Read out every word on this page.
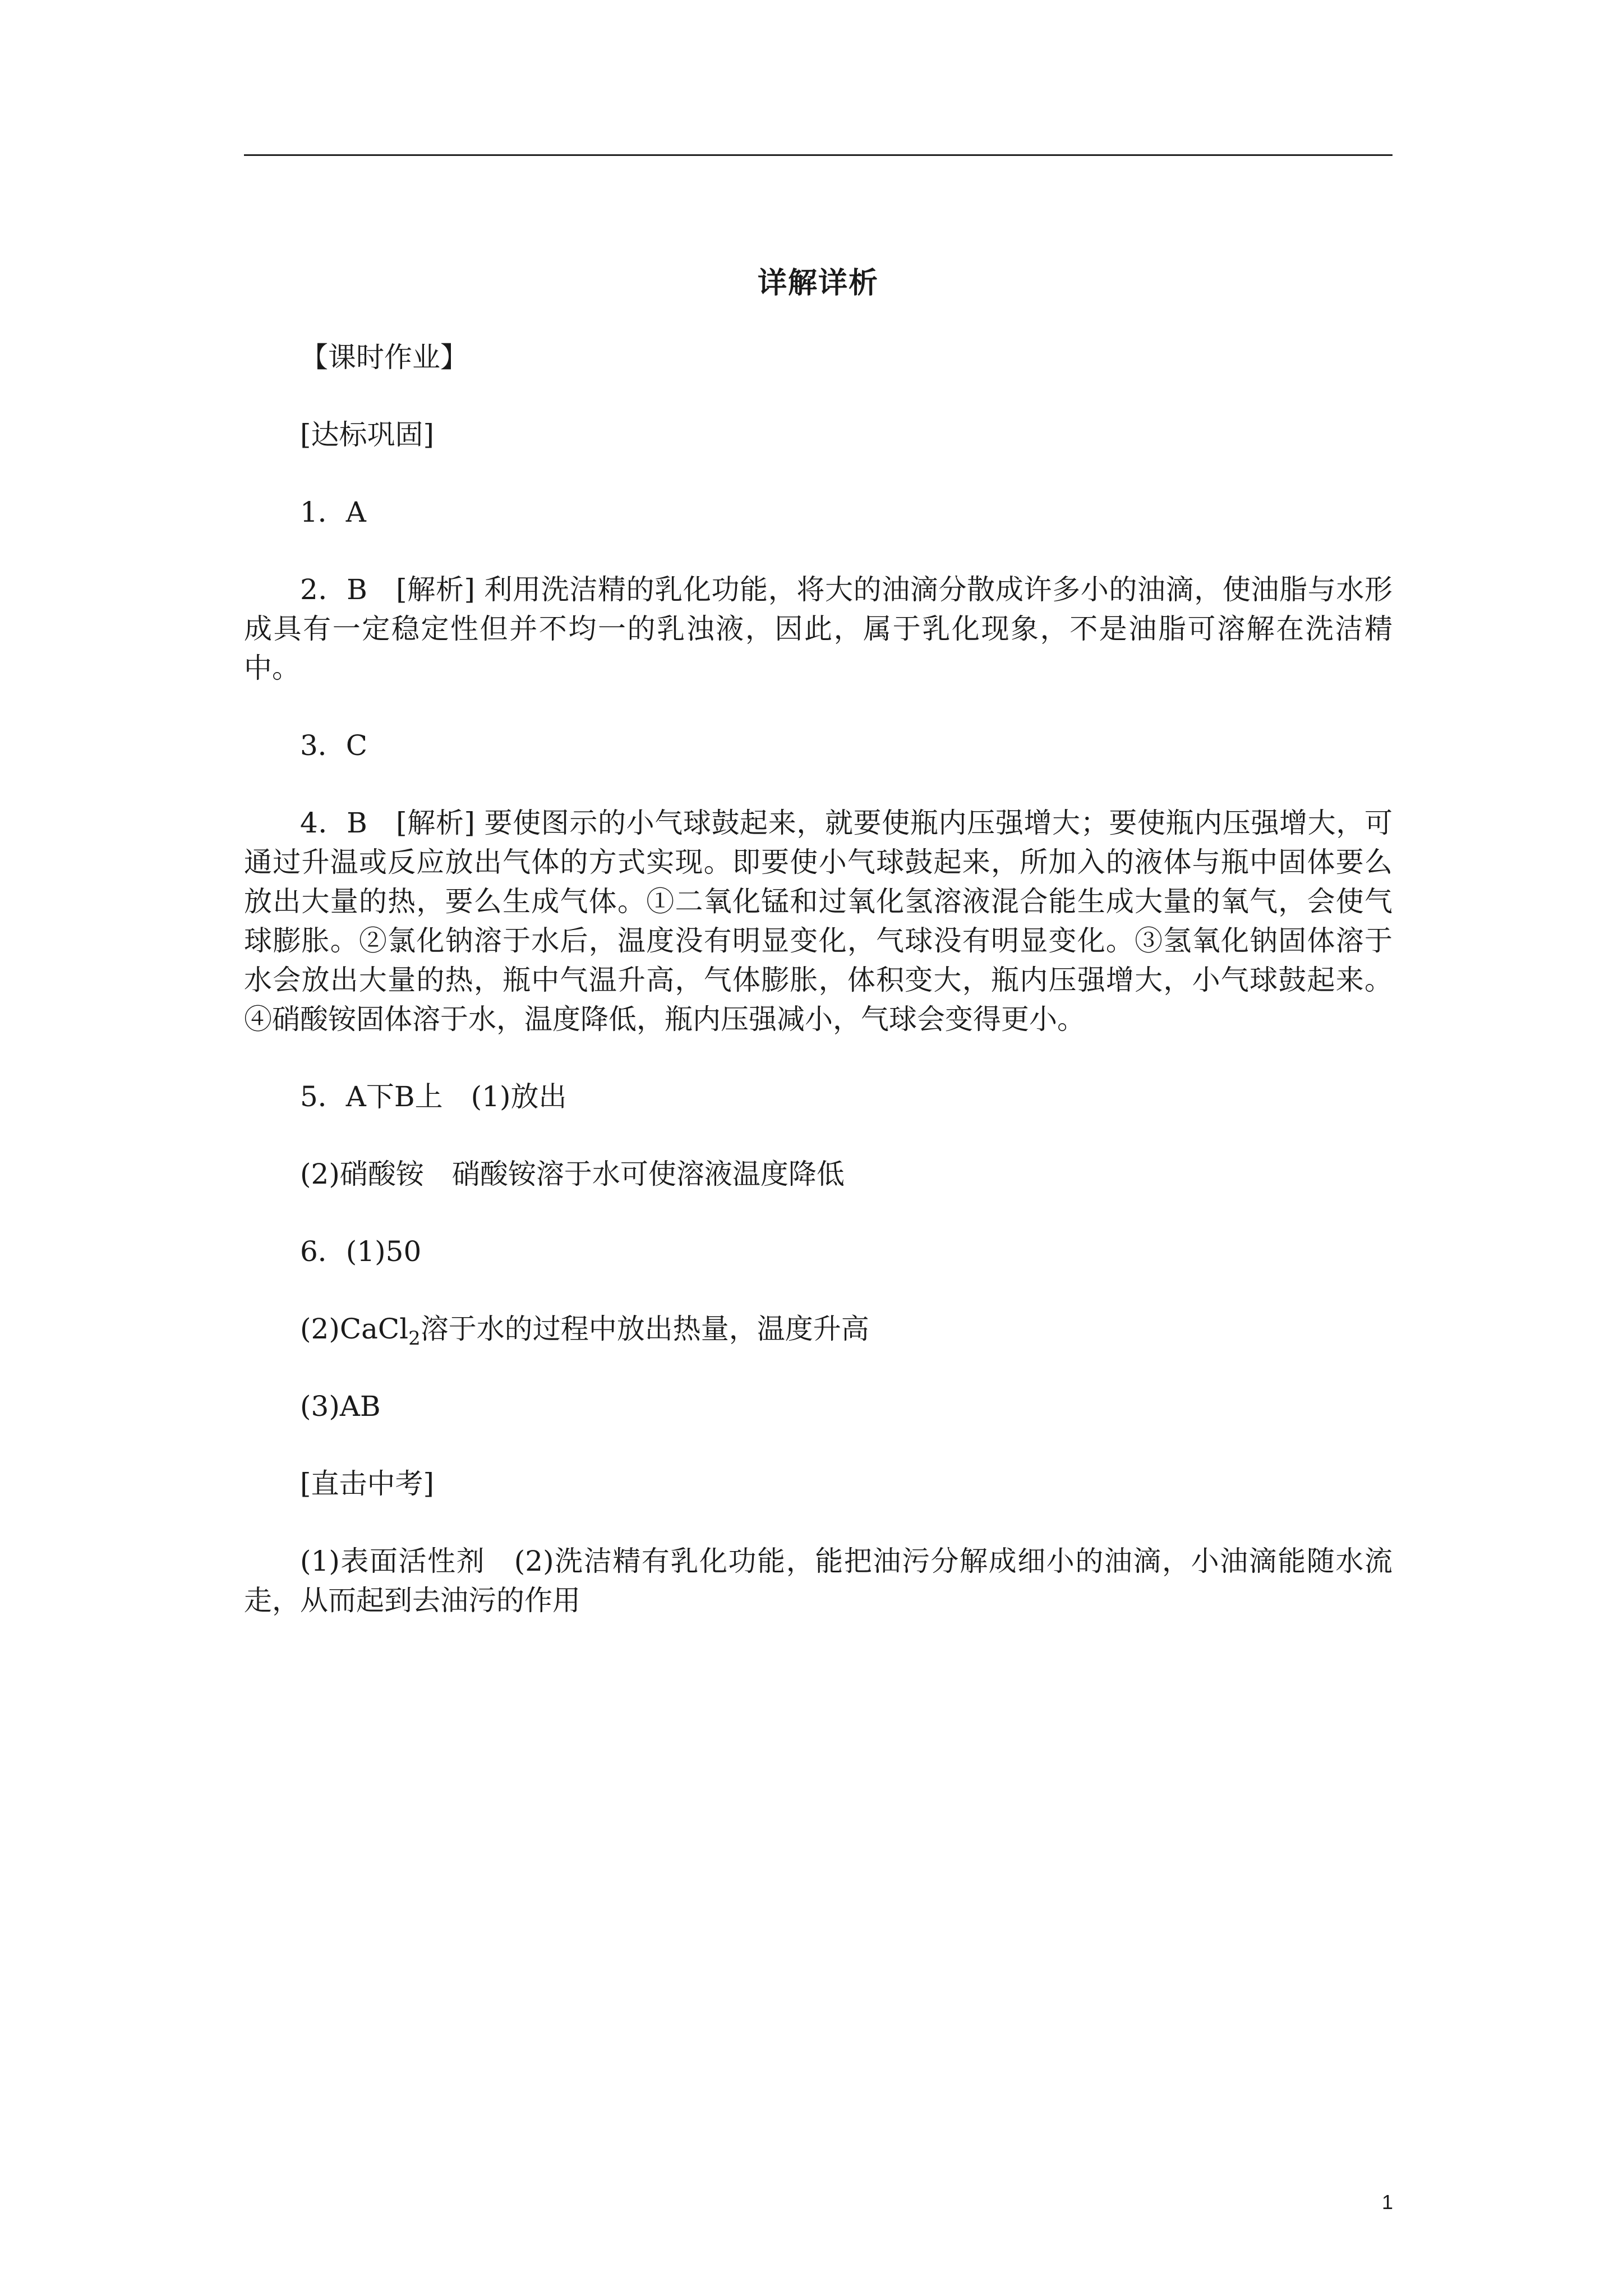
详解详析

【课时作业】

[达标巩固]

1．A

2．B　[解析] 利用洗洁精的乳化功能，将大的油滴分散成许多小的油滴，使油脂与水形成具有一定稳定性但并不均一的乳浊液，因此，属于乳化现象，不是油脂可溶解在洗洁精中。

3．C

4．B　[解析] 要使图示的小气球鼓起来，就要使瓶内压强增大；要使瓶内压强增大，可通过升温或反应放出气体的方式实现。即要使小气球鼓起来，所加入的液体与瓶中固体要么放出大量的热，要么生成气体。①二氧化锰和过氧化氢溶液混合能生成大量的氧气，会使气球膨胀。②氯化钠溶于水后，温度没有明显变化，气球没有明显变化。③氢氧化钠固体溶于水会放出大量的热，瓶中气温升高，气体膨胀，体积变大，瓶内压强增大，小气球鼓起来。④硝酸铵固体溶于水，温度降低，瓶内压强减小，气球会变得更小。

5．A下B上　(1)放出

(2)硝酸铵　硝酸铵溶于水可使溶液温度降低

6．(1)50

(2)CaCl$_2$溶于水的过程中放出热量，温度升高

(3)AB

[直击中考]

(1)表面活性剂　(2)洗洁精有乳化功能，能把油污分解成细小的油滴，小油滴能随水流走，从而起到去油污的作用

1
